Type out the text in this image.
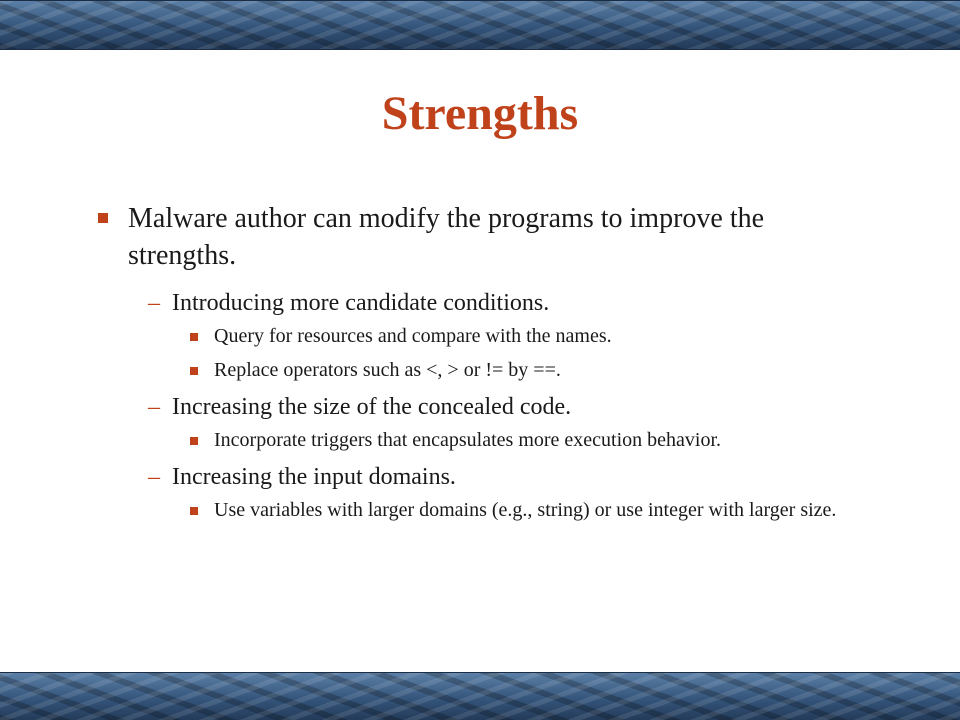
Strengths
Malware author can modify the programs to improve the strengths.
– Introducing more candidate conditions.
Query for resources and compare with the names.
Replace operators such as <, > or != by ==.
– Increasing the size of the concealed code.
Incorporate triggers that encapsulates more execution behavior.
– Increasing the input domains.
Use variables with larger domains (e.g., string) or use integer with larger size.
